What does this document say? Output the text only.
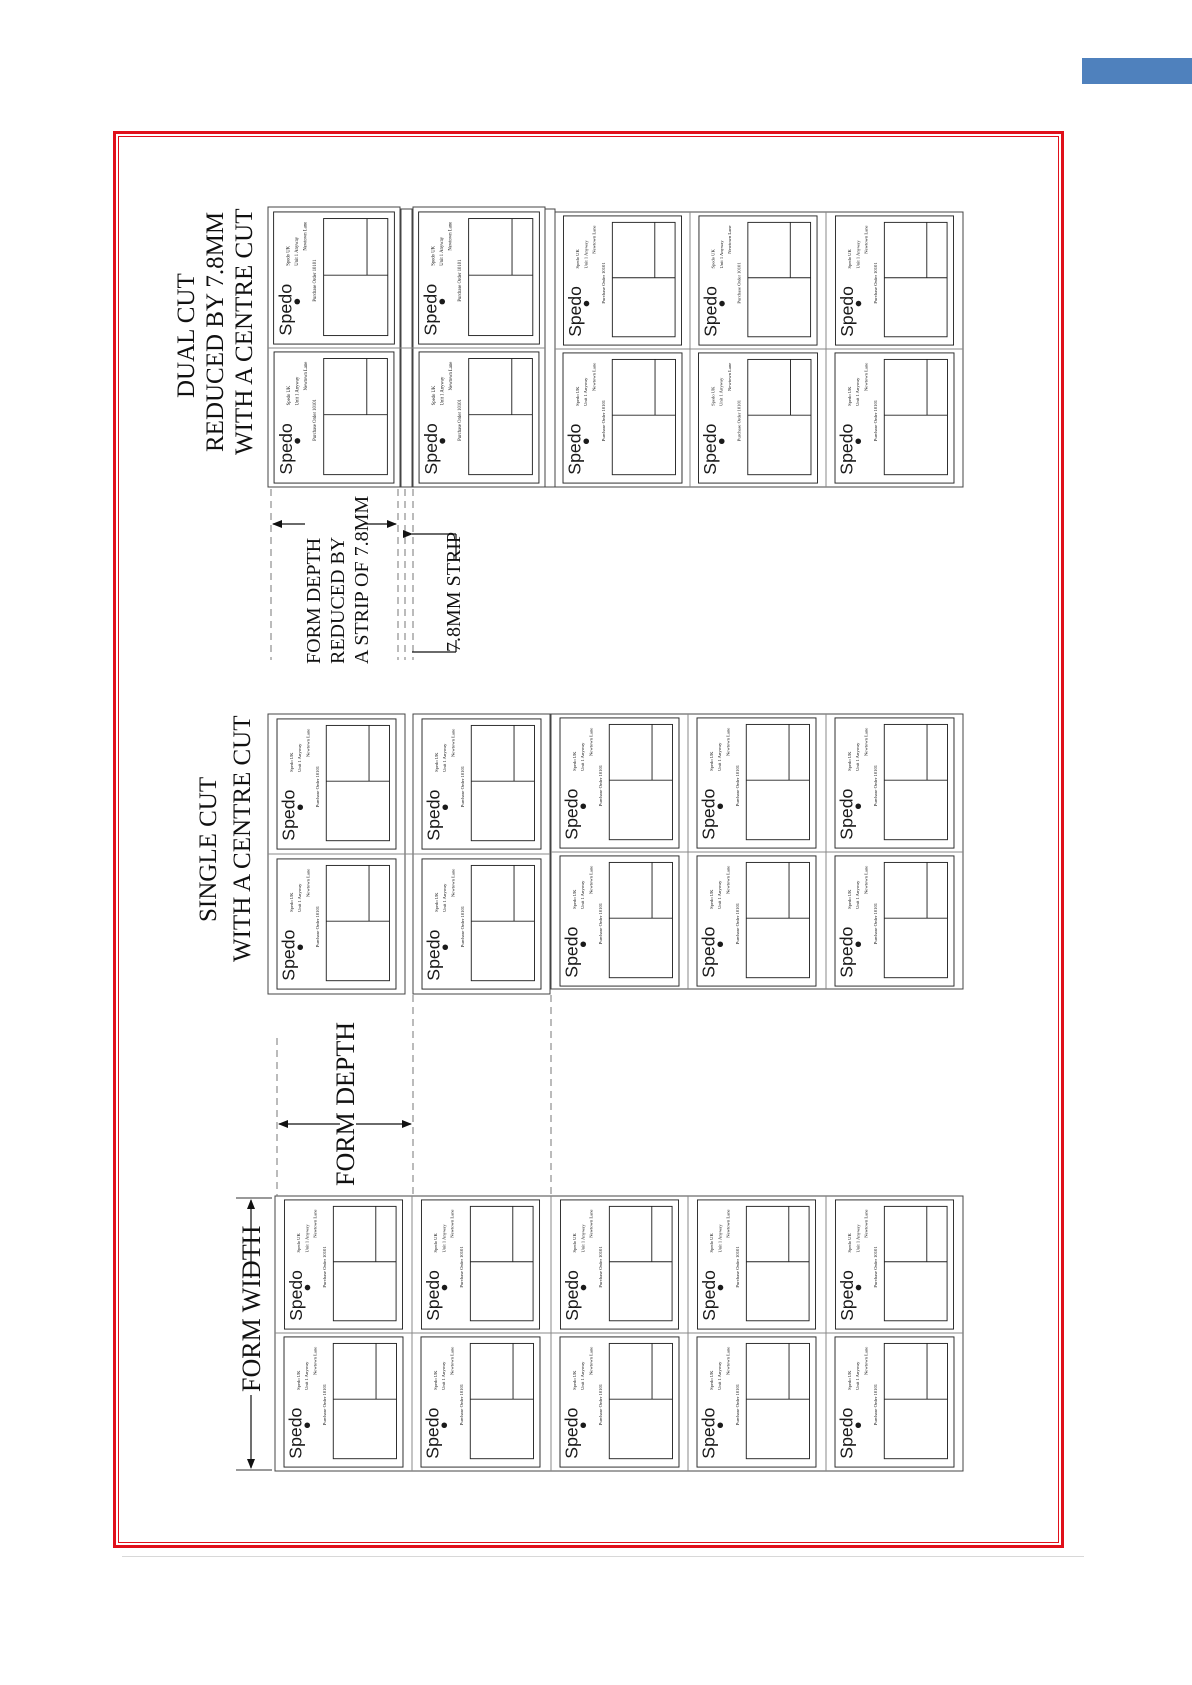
FORM WIDTH
FORM DEPTH
SINGLE CUT WITH A CENTRE CUT
DUAL CUT REDUCED BY 7.8MM WITH A CENTRE CUT
FORM DEPTH REDUCED BY A STRIP OF 7.8MM	7.8MM STRIP
